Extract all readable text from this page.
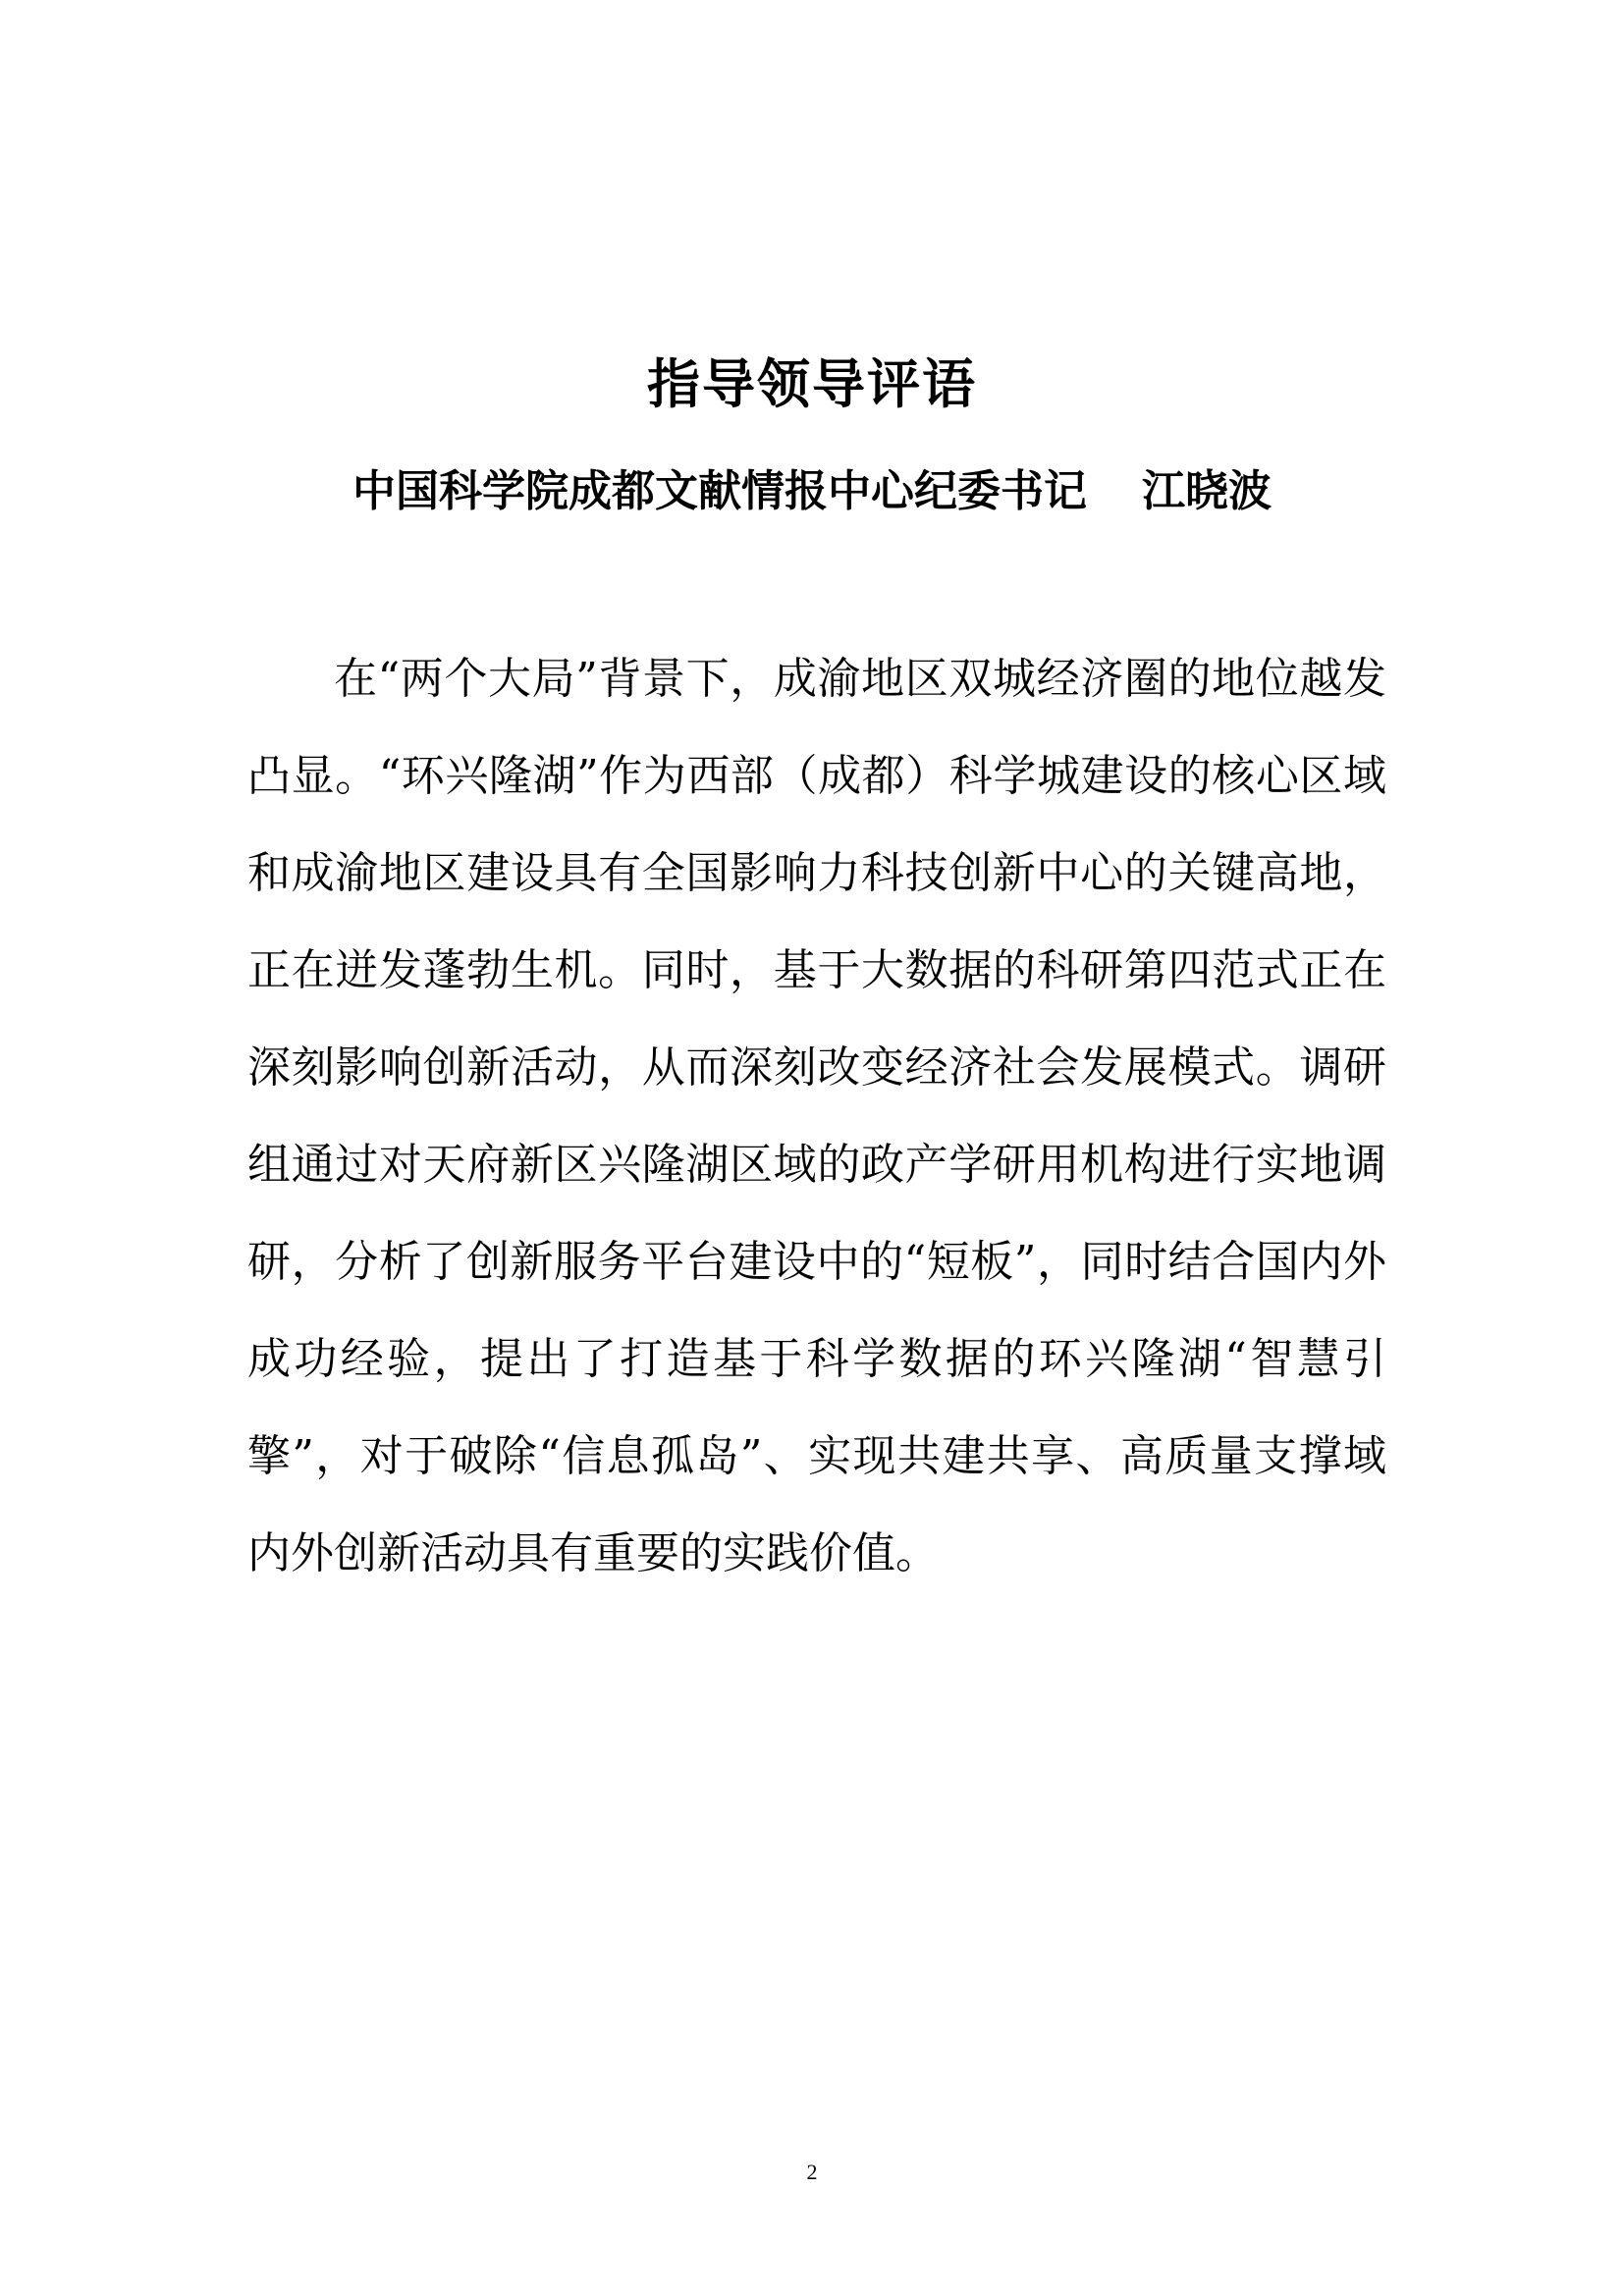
指导领导评语
中国科学院成都文献情报中心纪委书记 江晓波

在“两个大局”背景下，成渝地区双城经济圈的地位越发凸显。“环兴隆湖”作为西部（成都）科学城建设的核心区域和成渝地区建设具有全国影响力科技创新中心的关键高地，正在迸发蓬勃生机。同时，基于大数据的科研第四范式正在深刻影响创新活动，从而深刻改变经济社会发展模式。调研组通过对天府新区兴隆湖区域的政产学研用机构进行实地调研，分析了创新服务平台建设中的“短板”，同时结合国内外成功经验，提出了打造基于科学数据的环兴隆湖“智慧引擎”，对于破除“信息孤岛”、实现共建共享、高质量支撑域内外创新活动具有重要的实践价值。

2
